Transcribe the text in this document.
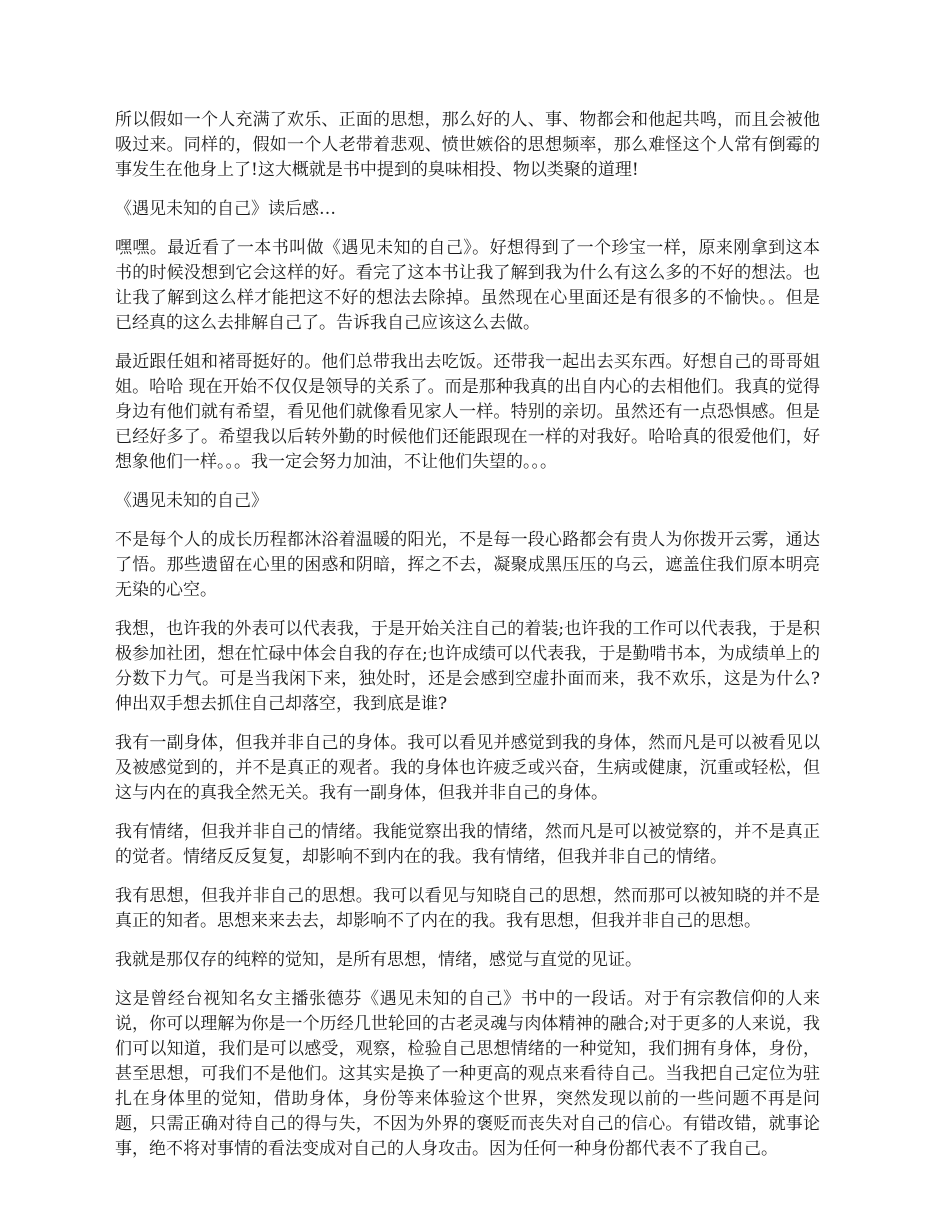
所以假如一个人充满了欢乐、正面的思想，那么好的人、事、物都会和他起共鸣，而且会被他吸过来。同样的，假如一个人老带着悲观、愤世嫉俗的思想频率，那么难怪这个人常有倒霉的事发生在他身上了!这大概就是书中提到的臭味相投、物以类聚的道理!

《遇见未知的自己》读后感…

嘿嘿。最近看了一本书叫做《遇见未知的自己》。好想得到了一个珍宝一样，原来刚拿到这本书的时候没想到它会这样的好。看完了这本书让我了解到我为什么有这么多的不好的想法。也让我了解到这么样才能把这不好的想法去除掉。虽然现在心里面还是有很多的不愉快。。但是已经真的这么去排解自己了。告诉我自己应该这么去做。

最近跟任姐和褚哥挺好的。他们总带我出去吃饭。还带我一起出去买东西。好想自己的哥哥姐姐。哈哈 现在开始不仅仅是领导的关系了。而是那种我真的出自内心的去相他们。我真的觉得身边有他们就有希望，看见他们就像看见家人一样。特别的亲切。虽然还有一点恐惧感。但是已经好多了。希望我以后转外勤的时候他们还能跟现在一样的对我好。哈哈真的很爱他们，好想象他们一样。。。我一定会努力加油，不让他们失望的。。。

《遇见未知的自己》

不是每个人的成长历程都沐浴着温暖的阳光，不是每一段心路都会有贵人为你拨开云雾，通达了悟。那些遗留在心里的困惑和阴暗，挥之不去，凝聚成黑压压的乌云，遮盖住我们原本明亮无染的心空。

我想，也许我的外表可以代表我，于是开始关注自己的着装;也许我的工作可以代表我，于是积极参加社团，想在忙碌中体会自我的存在;也许成绩可以代表我，于是勤啃书本，为成绩单上的分数下力气。可是当我闲下来，独处时，还是会感到空虚扑面而来，我不欢乐，这是为什么?伸出双手想去抓住自己却落空，我到底是谁?

我有一副身体，但我并非自己的身体。我可以看见并感觉到我的身体，然而凡是可以被看见以及被感觉到的，并不是真正的观者。我的身体也许疲乏或兴奋，生病或健康，沉重或轻松，但这与内在的真我全然无关。我有一副身体，但我并非自己的身体。

我有情绪，但我并非自己的情绪。我能觉察出我的情绪，然而凡是可以被觉察的，并不是真正的觉者。情绪反反复复，却影响不到内在的我。我有情绪，但我并非自己的情绪。

我有思想，但我并非自己的思想。我可以看见与知晓自己的思想，然而那可以被知晓的并不是真正的知者。思想来来去去，却影响不了内在的我。我有思想，但我并非自己的思想。

我就是那仅存的纯粹的觉知，是所有思想，情绪，感觉与直觉的见证。

这是曾经台视知名女主播张德芬《遇见未知的自己》书中的一段话。对于有宗教信仰的人来说，你可以理解为你是一个历经几世轮回的古老灵魂与肉体精神的融合;对于更多的人来说，我们可以知道，我们是可以感受，观察，检验自己思想情绪的一种觉知，我们拥有身体，身份，甚至思想，可我们不是他们。这其实是换了一种更高的观点来看待自己。当我把自己定位为驻扎在身体里的觉知，借助身体，身份等来体验这个世界，突然发现以前的一些问题不再是问题，只需正确对待自己的得与失，不因为外界的褒贬而丧失对自己的信心。有错改错，就事论事，绝不将对事情的看法变成对自己的人身攻击。因为任何一种身份都代表不了我自己。
